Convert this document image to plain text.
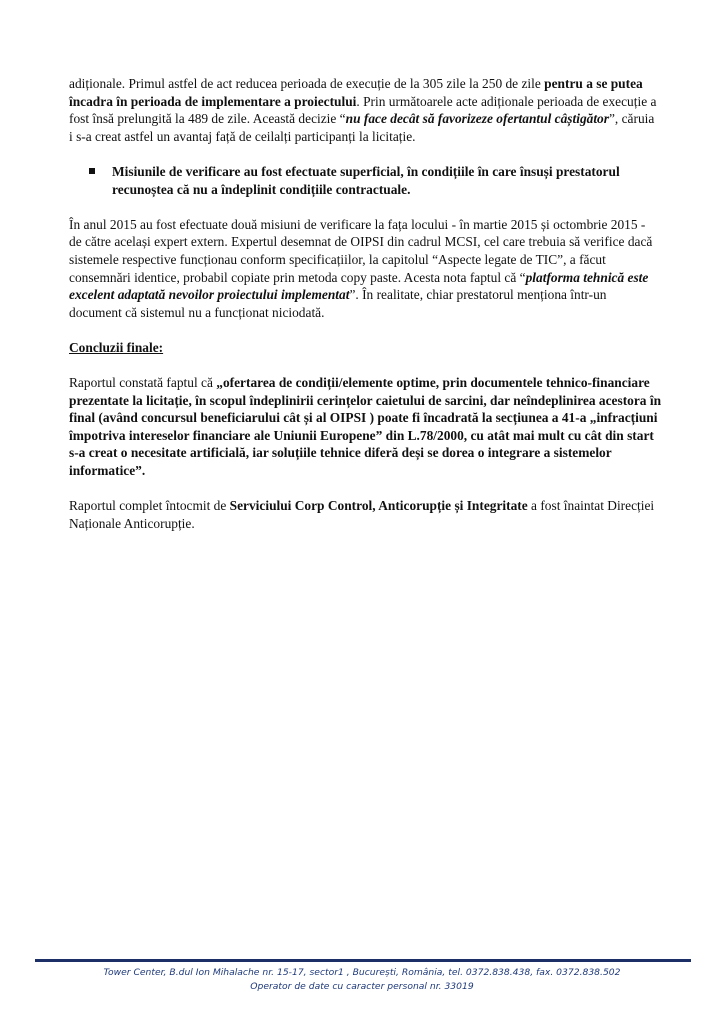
adiționale. Primul astfel de act reducea perioada de execuție de la 305 zile la 250 de zile pentru a se putea încadra în perioada de implementare a proiectului. Prin următoarele acte adiționale perioada de execuție a fost însă prelungită la 489 de zile. Această decizie “nu face decât să favorizeze ofertantul câștigător”, căruia i s-a creat astfel un avantaj față de ceilalți participanți la licitație.

Misiunile de verificare au fost efectuate superficial, în condițiile în care însuși prestatorul recunoștea că nu a îndeplinit condițiile contractuale.

În anul 2015 au fost efectuate două misiuni de verificare la fața locului - în martie 2015 și octombrie 2015 - de către același expert extern. Expertul desemnat de OIPSI din cadrul MCSI, cel care trebuia să verifice dacă sistemele respective funcționau conform specificațiilor, la capitolul “Aspecte legate de TIC”, a făcut consemnări identice, probabil copiate prin metoda copy paste. Acesta nota faptul că “platforma tehnică este excelent adaptată nevoilor proiectului implementat”. În realitate, chiar prestatorul menționa într-un document că sistemul nu a funcționat niciodată.

Concluzii finale:

Raportul constată faptul că „ofertarea de condiții/elemente optime, prin documentele tehnico-financiare prezentate la licitație, în scopul îndeplinirii cerințelor caietului de sarcini, dar neîndeplinirea acestora în final (având concursul beneficiarului cât și al OIPSI ) poate fi încadrată la secțiunea a 41-a „infracțiuni împotriva intereselor financiare ale Uniunii Europene” din L.78/2000, cu atât mai mult cu cât din start s-a creat o necesitate artificială, iar soluțiile tehnice diferă deși se dorea o integrare a sistemelor informatice”.

Raportul complet întocmit de Serviciului Corp Control, Anticorupție și Integritate a fost înaintat Direcției Naționale Anticorupție.

Tower Center, B.dul Ion Mihalache nr. 15-17, sector1 , București, România, tel. 0372.838.438, fax. 0372.838.502
Operator de date cu caracter personal nr. 33019
